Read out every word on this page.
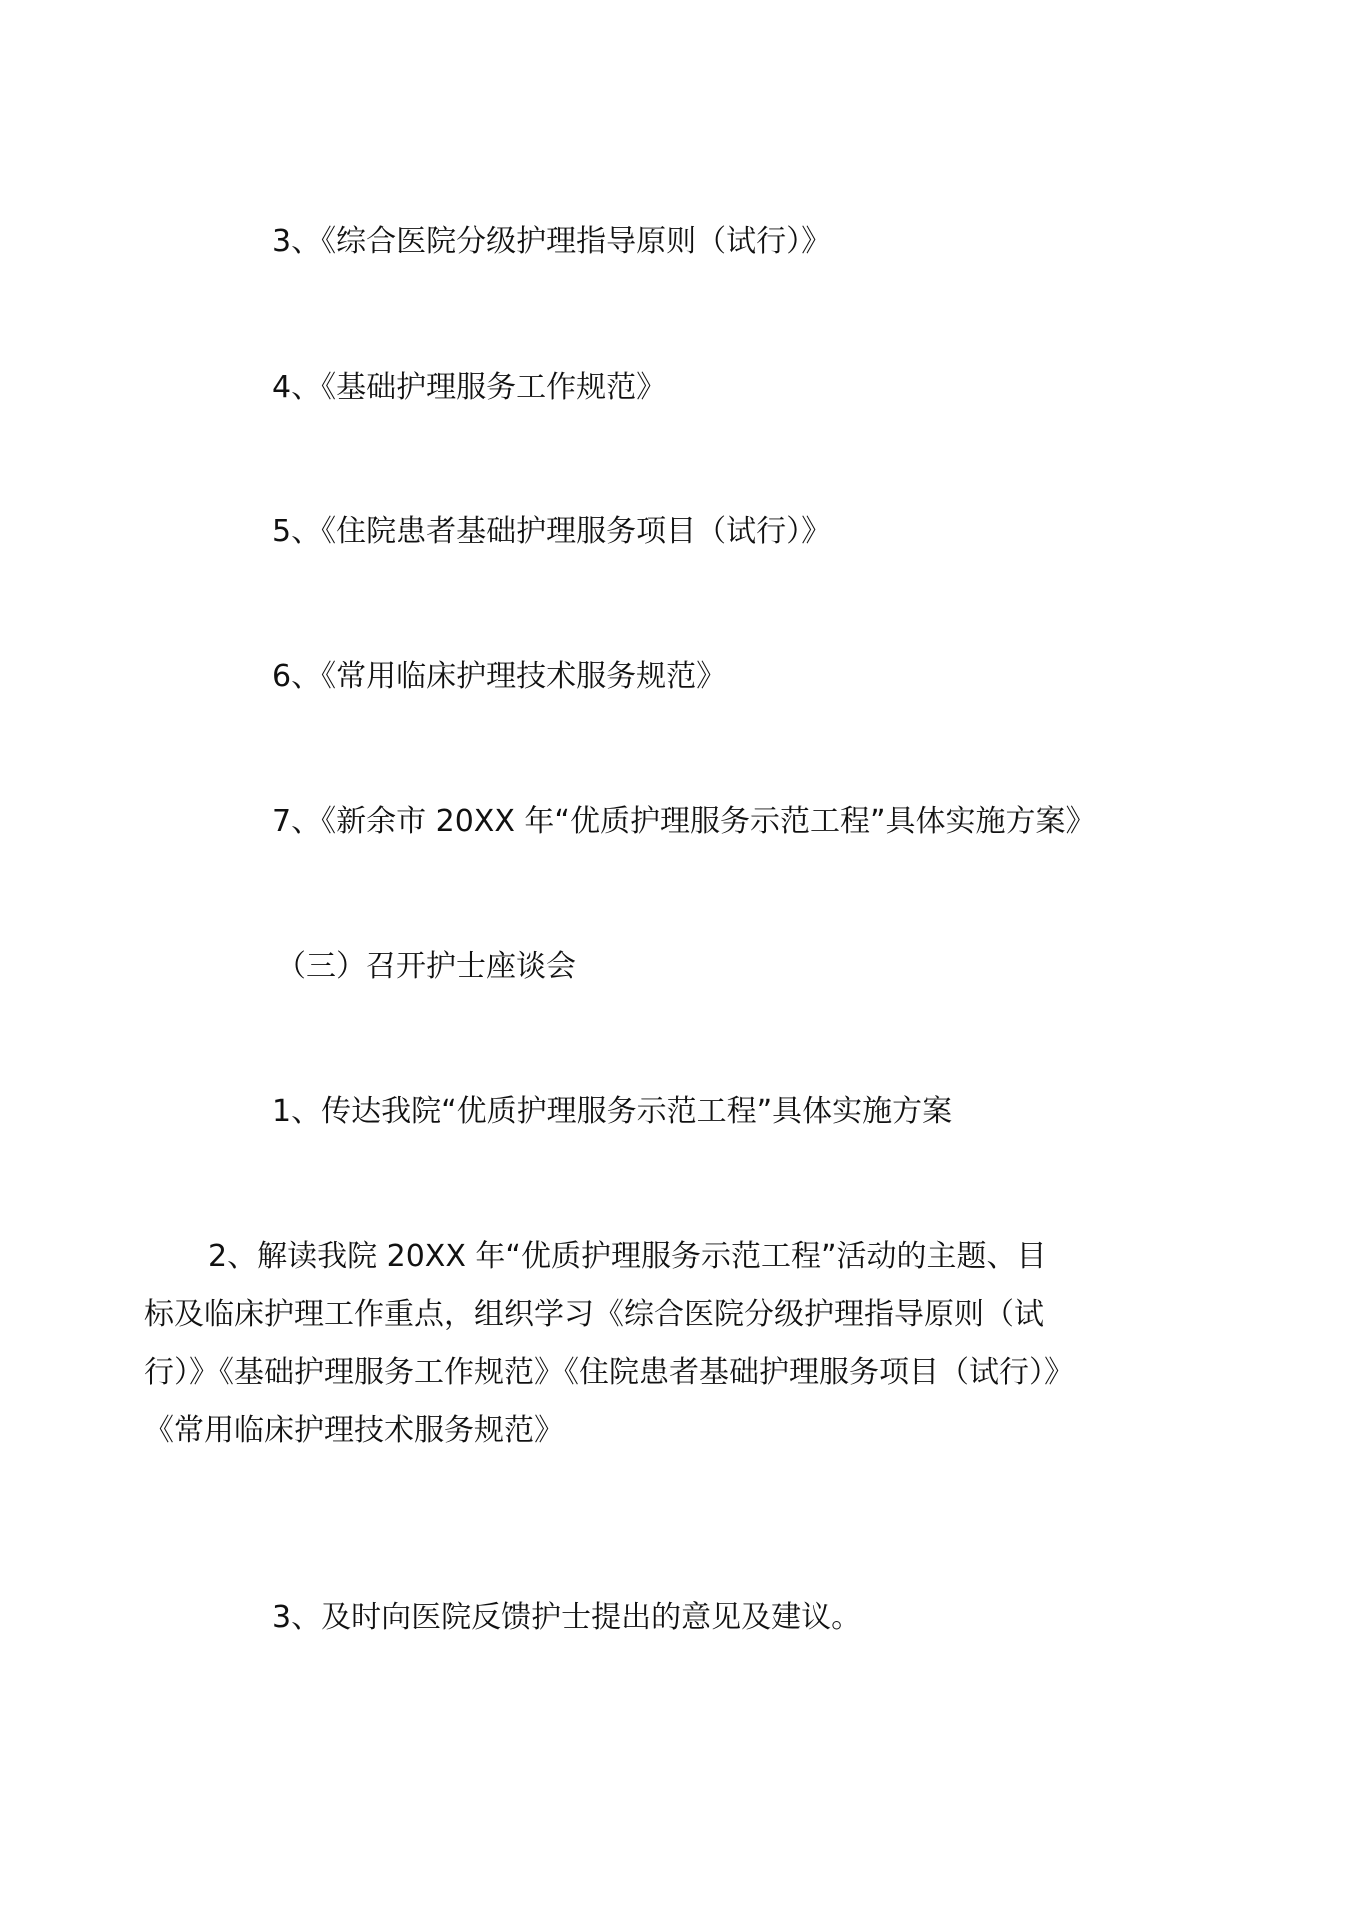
3、《综合医院分级护理指导原则（试行）》

4、《基础护理服务工作规范》

5、《住院患者基础护理服务项目（试行）》

6、《常用临床护理技术服务规范》

7、《新余市 20XX 年“优质护理服务示范工程”具体实施方案》

（三）召开护士座谈会

1、传达我院“优质护理服务示范工程”具体实施方案

2、解读我院 20XX 年“优质护理服务示范工程”活动的主题、目
标及临床护理工作重点，组织学习《综合医院分级护理指导原则（试
行）》《基础护理服务工作规范》《住院患者基础护理服务项目（试行）》
《常用临床护理技术服务规范》

3、及时向医院反馈护士提出的意见及建议。
